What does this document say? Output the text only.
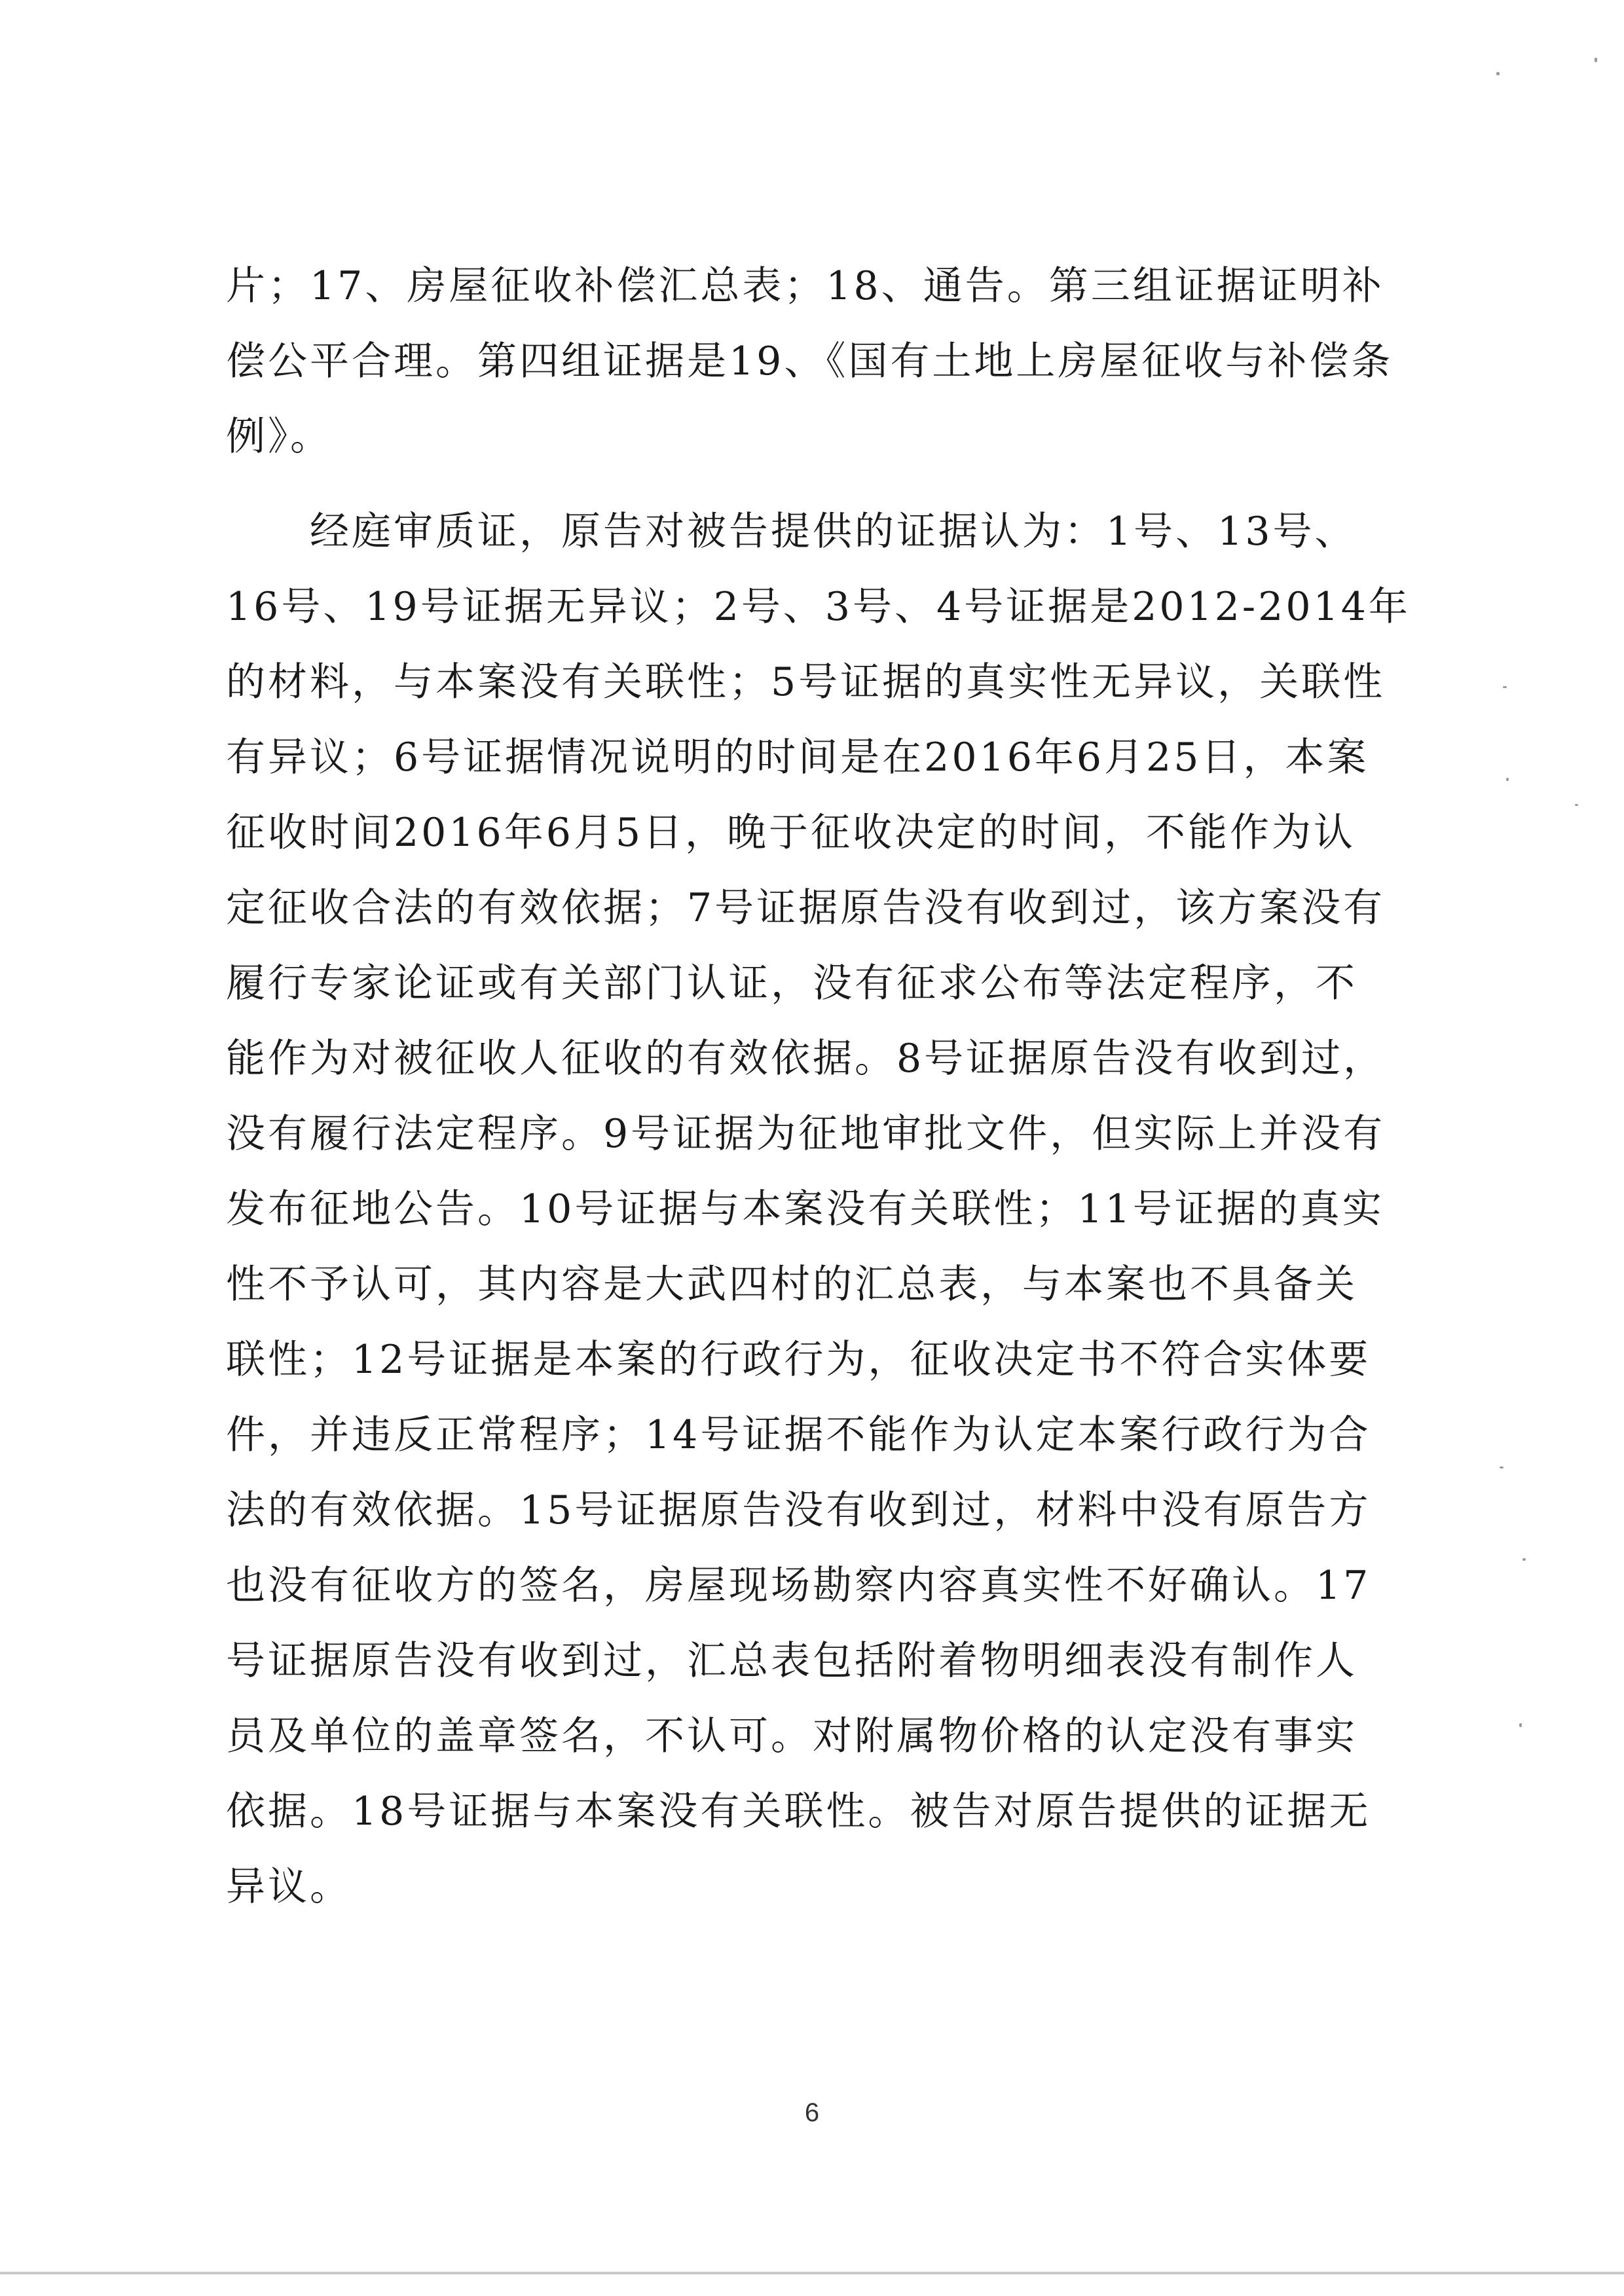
片；17、房屋征收补偿汇总表；18、通告。第三组证据证明补
偿公平合理。第四组证据是19、《国有土地上房屋征收与补偿条
例》。
　　经庭审质证，原告对被告提供的证据认为：1号、13号、
16号、19号证据无异议；2号、3号、4号证据是2012-2014年
的材料，与本案没有关联性；5号证据的真实性无异议，关联性
有异议；6号证据情况说明的时间是在2016年6月25日，本案
征收时间2016年6月5日，晚于征收决定的时间，不能作为认
定征收合法的有效依据；7号证据原告没有收到过，该方案没有
履行专家论证或有关部门认证，没有征求公布等法定程序，不
能作为对被征收人征收的有效依据。8号证据原告没有收到过，
没有履行法定程序。9号证据为征地审批文件，但实际上并没有
发布征地公告。10号证据与本案没有关联性；11号证据的真实
性不予认可，其内容是大武四村的汇总表，与本案也不具备关
联性；12号证据是本案的行政行为，征收决定书不符合实体要
件，并违反正常程序；14号证据不能作为认定本案行政行为合
法的有效依据。15号证据原告没有收到过，材料中没有原告方
也没有征收方的签名，房屋现场勘察内容真实性不好确认。17
号证据原告没有收到过，汇总表包括附着物明细表没有制作人
员及单位的盖章签名，不认可。对附属物价格的认定没有事实
依据。18号证据与本案没有关联性。被告对原告提供的证据无
异议。
6
